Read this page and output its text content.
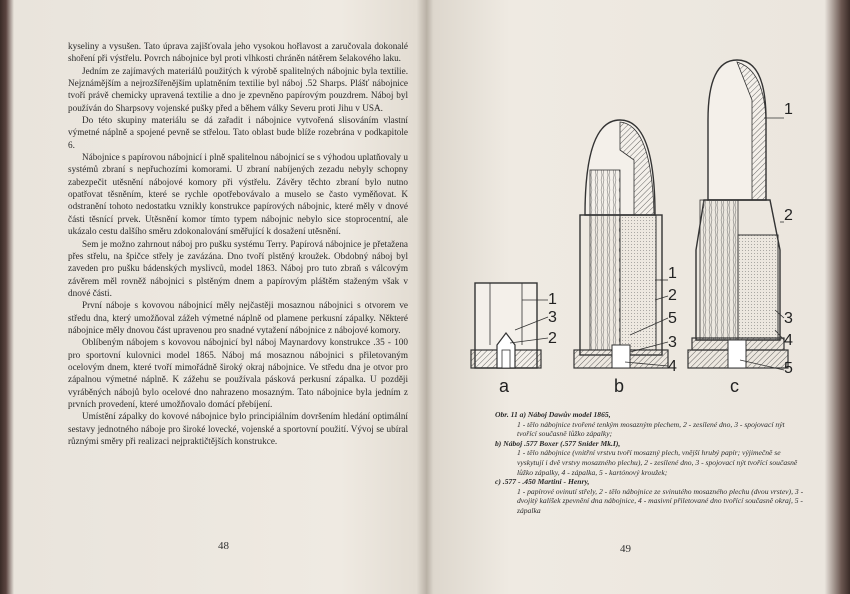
kyseliny a vysušen. Tato úprava zajišťovala jeho vysokou hořlavost a zaručovala dokonalé shoření při výstřelu. Povrch nábojnice byl proti vlhkosti chráněn nátěrem šelakového laku.

Jedním ze zajímavých materiálů použitých k výrobě spalitelných nábojnic byla textilie. Nejznámějším a nejrozšířenějším uplatněním textilie byl náboj .52 Sharps. Plášť nábojnice tvoří právě chemicky upravená textilie a dno je zpevněno papírovým pouzdrem. Náboj byl používán do Sharpsovy vojenské pušky před a během války Severu proti Jihu v USA.

Do této skupiny materiálu se dá zařadit i nábojnice vytvořená slisováním vlastní výmetné náplně a spojené pevně se střelou. Tato oblast bude blíže rozebrána v podkapitole 6.

Nábojnice s papírovou nábojnicí i plně spalitelnou nábojnicí se s výhodou uplatňovaly u systémů zbraní s nepřuchozími komorami. U zbraní nabíjených zezadu nebyly schopny zabezpečit utěsnění nábojové komory při výstřelu. Závěry těchto zbraní bylo nutno opatřovat těsněním, které se rychle opotřebovávalo a muselo se často vyměňovat. K odstranění tohoto nedostatku vznikly konstrukce papírových nábojnic, které měly v dnové části těsnící prvek. Utěsnění komor tímto typem nábojnic nebylo sice stoprocentní, ale ukázalo cestu dalšího směru zdokonalování směřující k dosažení utěsnění.

Sem je možno zahrnout náboj pro pušku systému Terry. Papírová nábojnice je přetažena přes střelu, na špičce střely je zavázána. Dno tvoří plstěný kroužek. Obdobný náboj byl zaveden pro pušku bádenských myslivců, model 1863. Náboj pro tuto zbraň s válcovým závěrem měl rovněž nábojnici s plstěným dnem a papírovým pláštěm staženým však v dnové části.

První náboje s kovovou nábojnicí měly nejčastěji mosaznou nábojnici s otvorem ve středu dna, který umožňoval zážeh výmetné náplně od plamene perkusní zápalky. Některé nábojnice měly dnovou část upravenou pro snadné vytažení nábojnice z nábojové komory.

Oblíbeným nábojem s kovovou nábojnicí byl náboj Maynardovy konstrukce .35 - 100 pro sportovní kulovnici model 1865. Náboj má mosaznou nábojnici s přiletovaným ocelovým dnem, které tvoří mimořádně široký okraj nábojnice. Ve středu dna je otvor pro zápalnou výmetné náplně. K zážehu se používala pásková perkusní zápalka. U později vyráběných nábojů bylo ocelové dno nahrazeno mosazným. Tato nábojnice byla jedním z prvních provedení, které umožňovalo domácí přebíjení.

Umístění zápalky do kovové nábojnice bylo principiálním dovršením hledání optimální sestavy jednotného náboje pro široké lovecké, vojenské a sportovní použití. Vývoj se ubíral různými směry při realizaci nejpraktičtějších konstrukce.

48	49
1
3
2
a
1
2
5
3
4
b
1
2
3
4
5
c
Obr. 11 a) Náboj Dawův model 1865,
1 - tělo nábojnice tvořené tenkým mosazným plechem, 2 - zesílené dno, 3 - spojovací nýt tvořící současně lůžko zápalky;
b) Náboj .577 Boxer (.577 Snider Mk.I),
1 - tělo nábojnice (vnitřní vrstvu tvoří mosazný plech, vnější hrubý papír; výjimečně se vyskytují i dvě vrstvy mosazného plechu), 2 - zesílené dno, 3 - spojovací nýt tvořící současně lůžko zápalky, 4 - zápalka, 5 - kartónový kroužek;
c) .577 - .450 Martini - Henry,
1 - papírové ovinutí střely, 2 - tělo nábojnice ze svinutého mosazného plechu (dvou vrstev), 3 - dvojitý kalíšek zpevnění dna nábojnice, 4 - masivní přiletované dno tvořící současně okraj, 5 - zápalka
